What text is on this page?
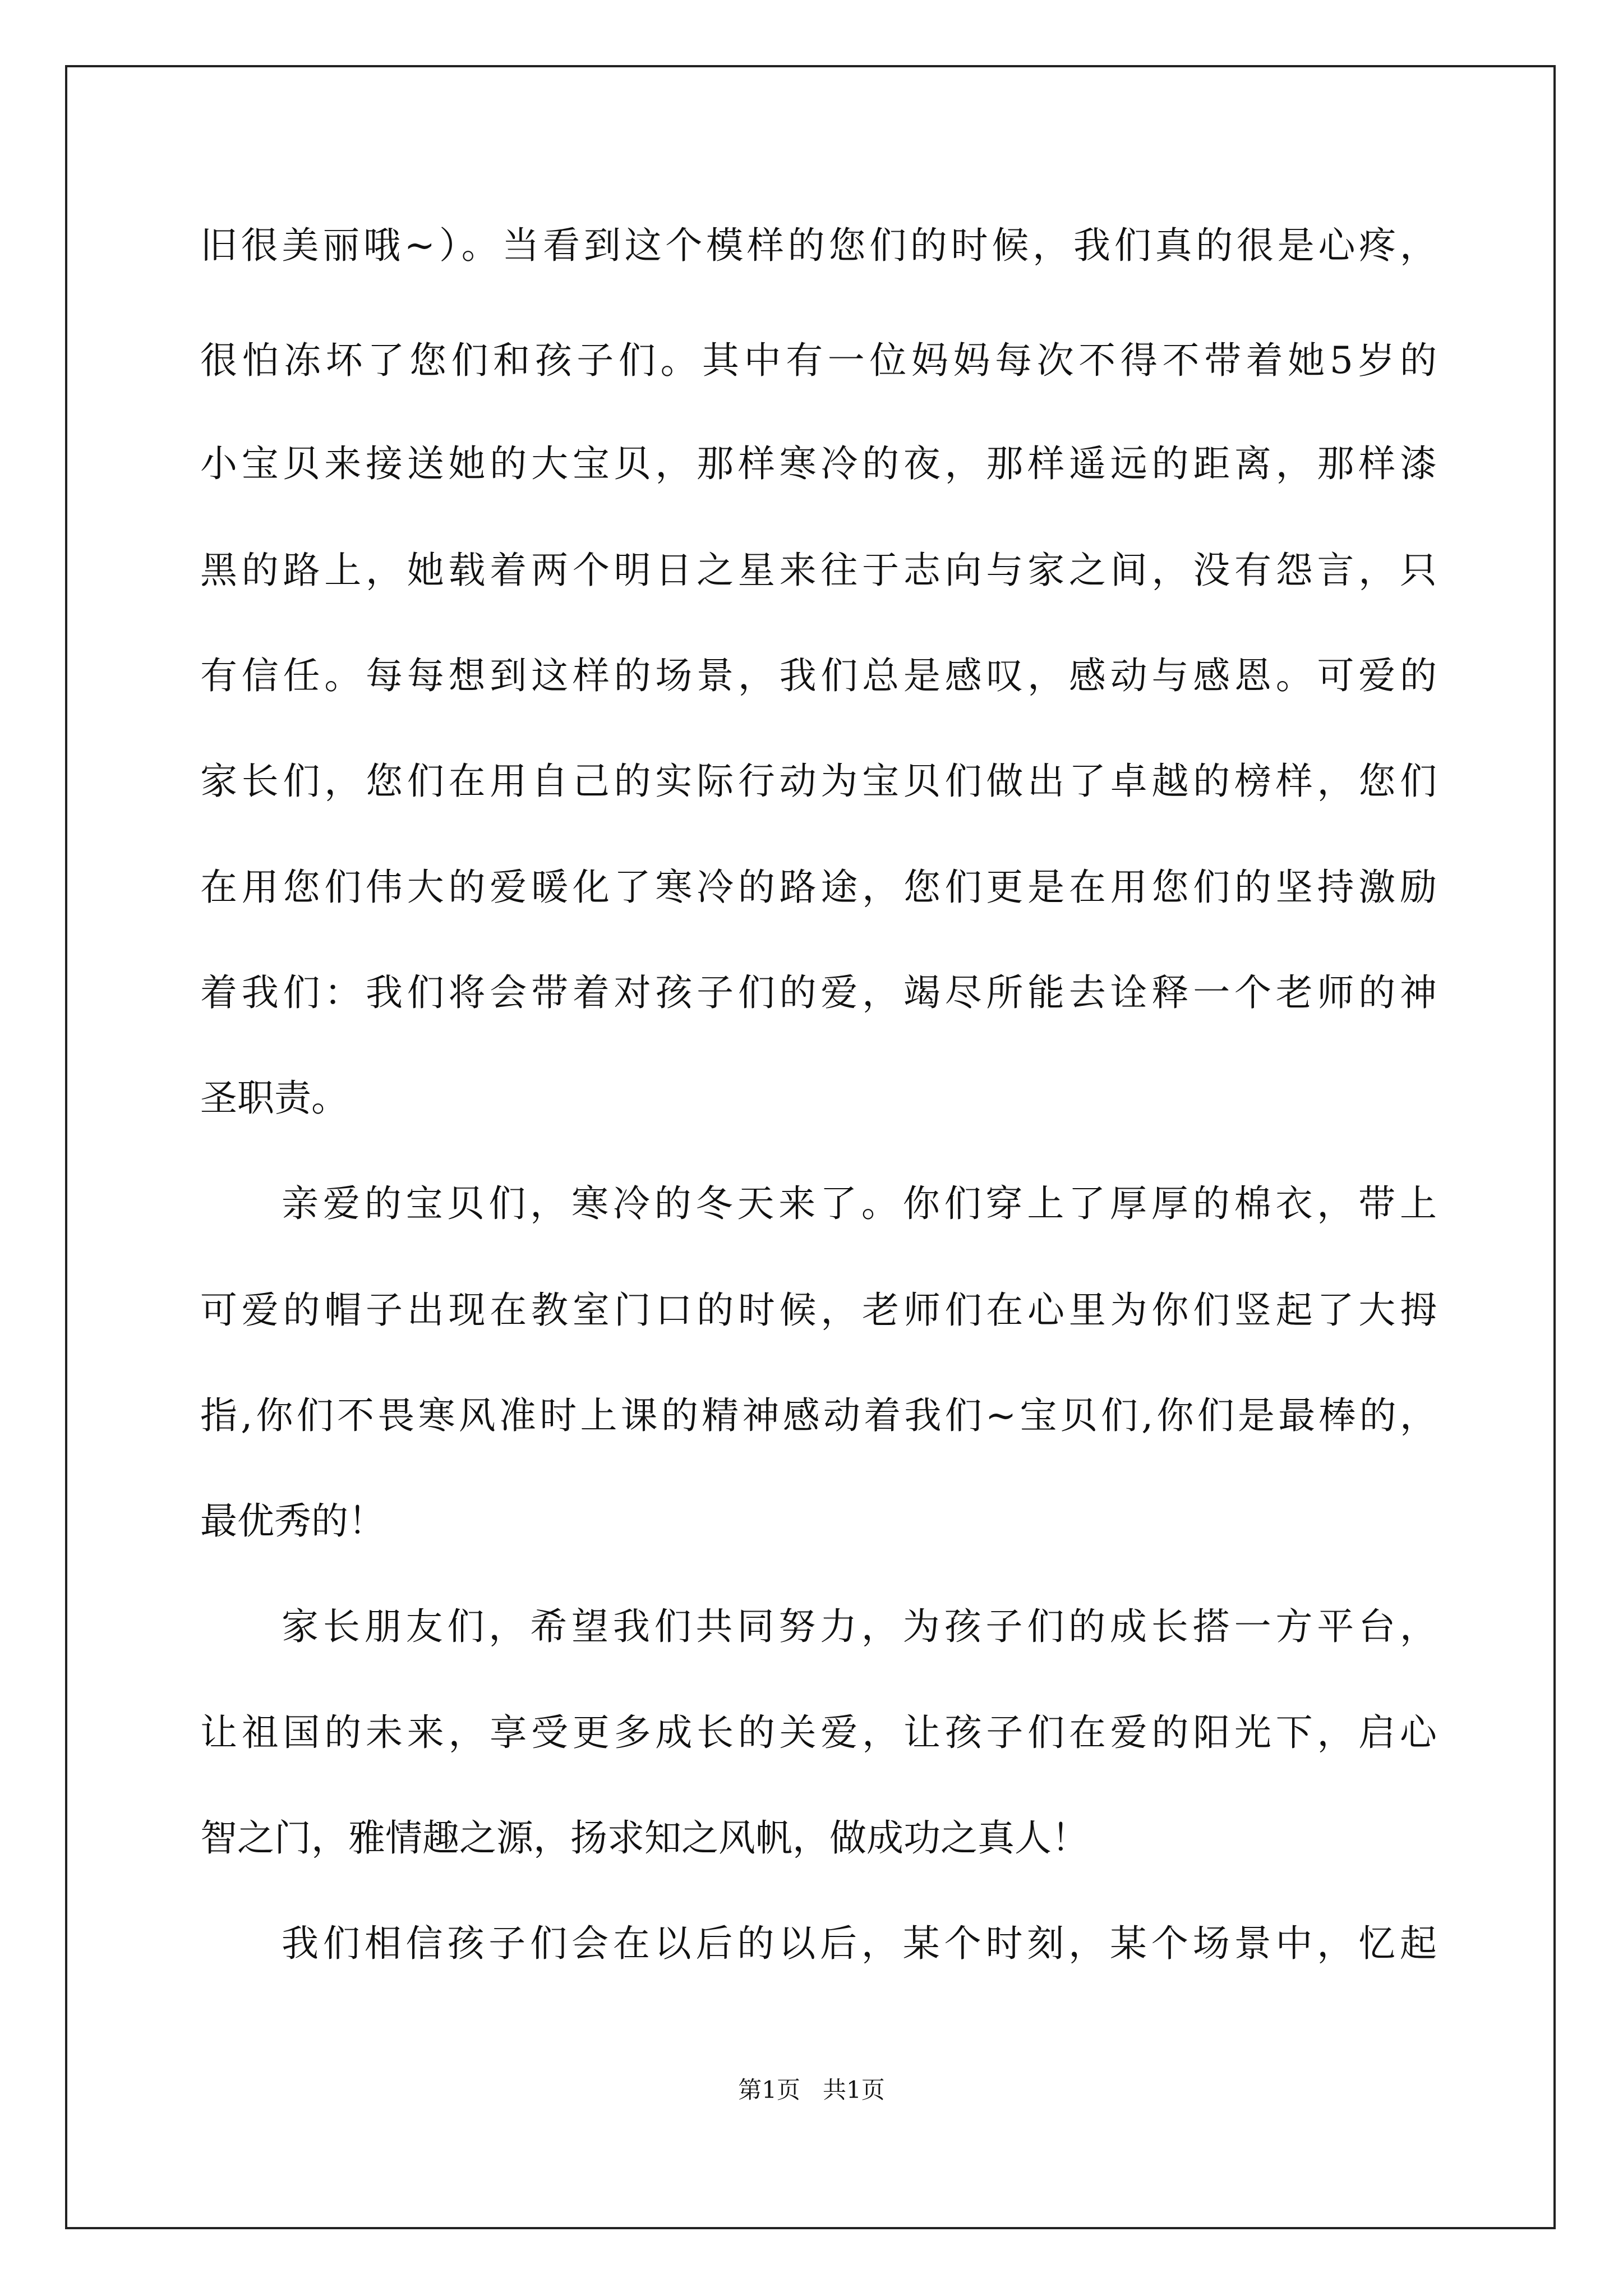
旧很美丽哦~）。当看到这个模样的您们的时候，我们真的很是心疼，
很怕冻坏了您们和孩子们。其中有一位妈妈每次不得不带着她5岁的
小宝贝来接送她的大宝贝，那样寒冷的夜，那样遥远的距离，那样漆
黑的路上，她载着两个明日之星来往于志向与家之间，没有怨言，只
有信任。每每想到这样的场景，我们总是感叹，感动与感恩。可爱的
家长们，您们在用自己的实际行动为宝贝们做出了卓越的榜样，您们
在用您们伟大的爱暖化了寒冷的路途，您们更是在用您们的坚持激励
着我们：我们将会带着对孩子们的爱，竭尽所能去诠释一个老师的神
圣职责。
亲爱的宝贝们，寒冷的冬天来了。你们穿上了厚厚的棉衣，带上
可爱的帽子出现在教室门口的时候，老师们在心里为你们竖起了大拇
指,你们不畏寒风准时上课的精神感动着我们~宝贝们,你们是最棒的，
最优秀的！
家长朋友们，希望我们共同努力，为孩子们的成长搭一方平台，
让祖国的未来，享受更多成长的关爱，让孩子们在爱的阳光下，启心
智之门，雅情趣之源，扬求知之风帆，做成功之真人！
我们相信孩子们会在以后的以后，某个时刻，某个场景中，忆起
第1页   共1页
